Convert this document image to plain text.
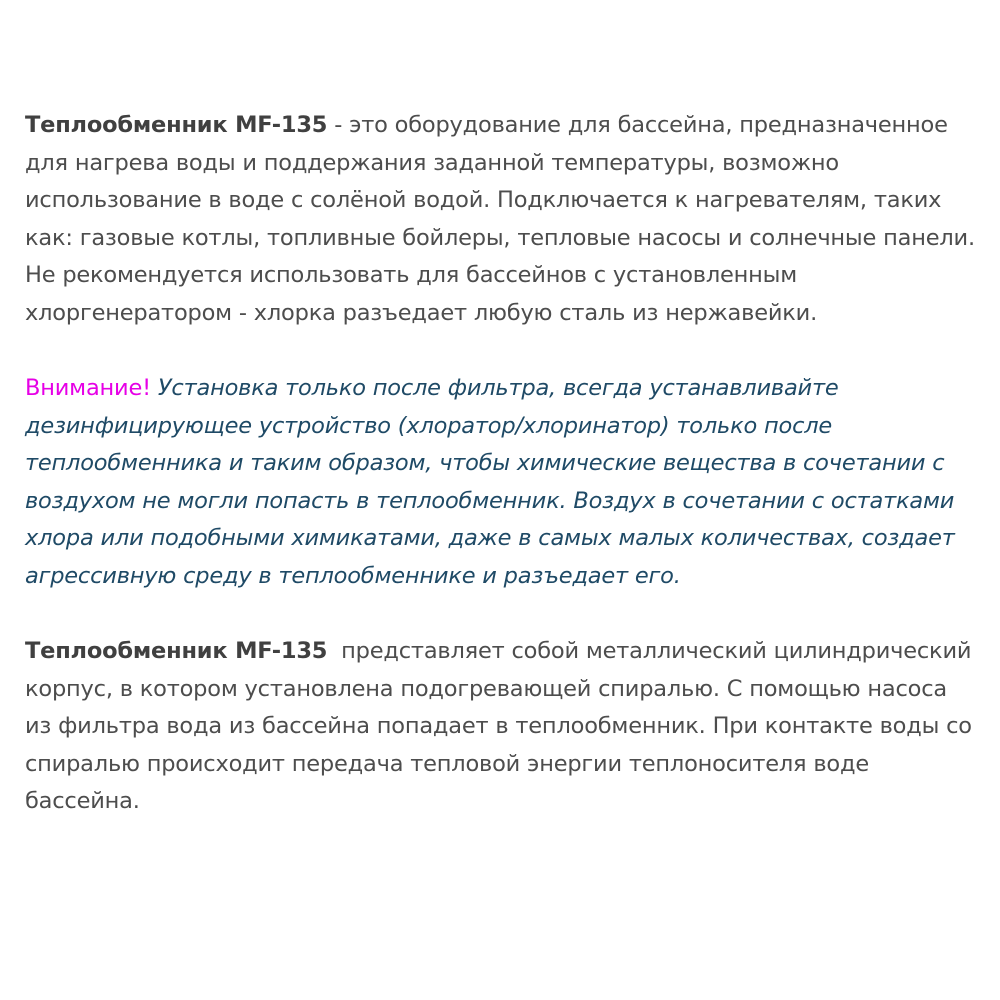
Теплообменник MF-135 - это оборудование для бассейна, предназначенное для нагрева воды и поддержания заданной температуры, возможно использование в воде с солёной водой. Подключается к нагревателям, таких как: газовые котлы, топливные бойлеры, тепловые насосы и солнечные панели. Не рекомендуется использовать для бассейнов с установленным хлоргенератором - хлорка разъедает любую сталь из нержавейки.

Внимание! Установка только после фильтра, всегда устанавливайте дезинфицирующее устройство (хлоратор/хлоринатор) только после теплообменника и таким образом, чтобы химические вещества в сочетании с воздухом не могли попасть в теплообменник. Воздух в сочетании с остатками хлора или подобными химикатами, даже в самых малых количествах, создает агрессивную среду в теплообменнике и разъедает его.

Теплообменник MF-135  представляет собой металлический цилиндрический корпус, в котором установлена подогревающей спиралью. С помощью насоса из фильтра вода из бассейна попадает в теплообменник. При контакте воды со спиралью происходит передача тепловой энергии теплоносителя воде бассейна.
